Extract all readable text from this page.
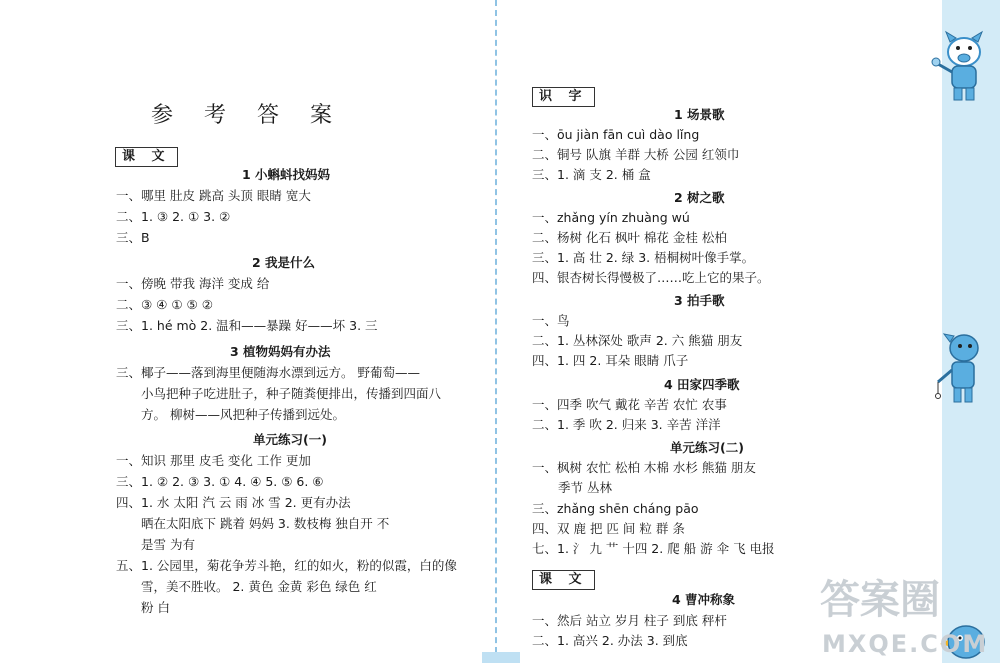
参 考 答 案
课 文
1 小蝌蚪找妈妈
一、哪里 肚皮 跳高 头顶 眼睛 宽大
二、1. ③ 2. ① 3. ②
三、B
2 我是什么
一、傍晚 带我 海洋 变成 给
二、③ ④ ① ⑤ ②
三、1. hé mò 2. 温和——暴躁 好——坏 3. 三
3 植物妈妈有办法
三、椰子——落到海里便随海水漂到远方。 野葡萄——
小鸟把种子吃进肚子，种子随粪便排出，传播到四面八
方。 柳树——风把种子传播到远处。
单元练习(一)
一、知识 那里 皮毛 变化 工作 更加
三、1. ② 2. ③ 3. ① 4. ④ 5. ⑤ 6. ⑥
四、1. 水 太阳 汽 云 雨 冰 雪 2. 更有办法
晒在太阳底下 跳着 妈妈 3. 数枝梅 独自开 不
是雪 为有
五、1. 公园里，菊花争芳斗艳，红的如火，粉的似霞，白的像
雪，美不胜收。 2. 黄色 金黄 彩色 绿色 红
粉 白
识 字
1 场景歌
一、ōu jiàn fān cuì dào lǐng
二、铜号 队旗 羊群 大桥 公园 红领巾
三、1. 滴 支 2. 桶 盒
2 树之歌
一、zhǎng yín zhuàng wú
二、杨树 化石 枫叶 棉花 金桂 松柏
三、1. 高 壮 2. 绿 3. 梧桐树叶像手掌。
四、银杏树长得慢极了……吃上它的果子。
3 拍手歌
一、鸟
二、1. 丛林深处 歌声 2. 六 熊猫 朋友
四、1. 四 2. 耳朵 眼睛 爪子
4 田家四季歌
一、四季 吹气 戴花 辛苦 农忙 农事
二、1. 季 吹 2. 归来 3. 辛苦 洋洋
单元练习(二)
一、枫树 农忙 松柏 木棉 水杉 熊猫 朋友
季节 丛林
三、zhǎng shēn cháng pāo
四、双 鹿 把 匹 间 粒 群 条
七、1. 氵 九 艹 十四 2. 爬 船 游 伞 飞 电报
课 文
4 曹冲称象
一、然后 站立 岁月 柱子 到底 秤杆
二、1. 高兴 2. 办法 3. 到底
答案圈
MXQE.COM
